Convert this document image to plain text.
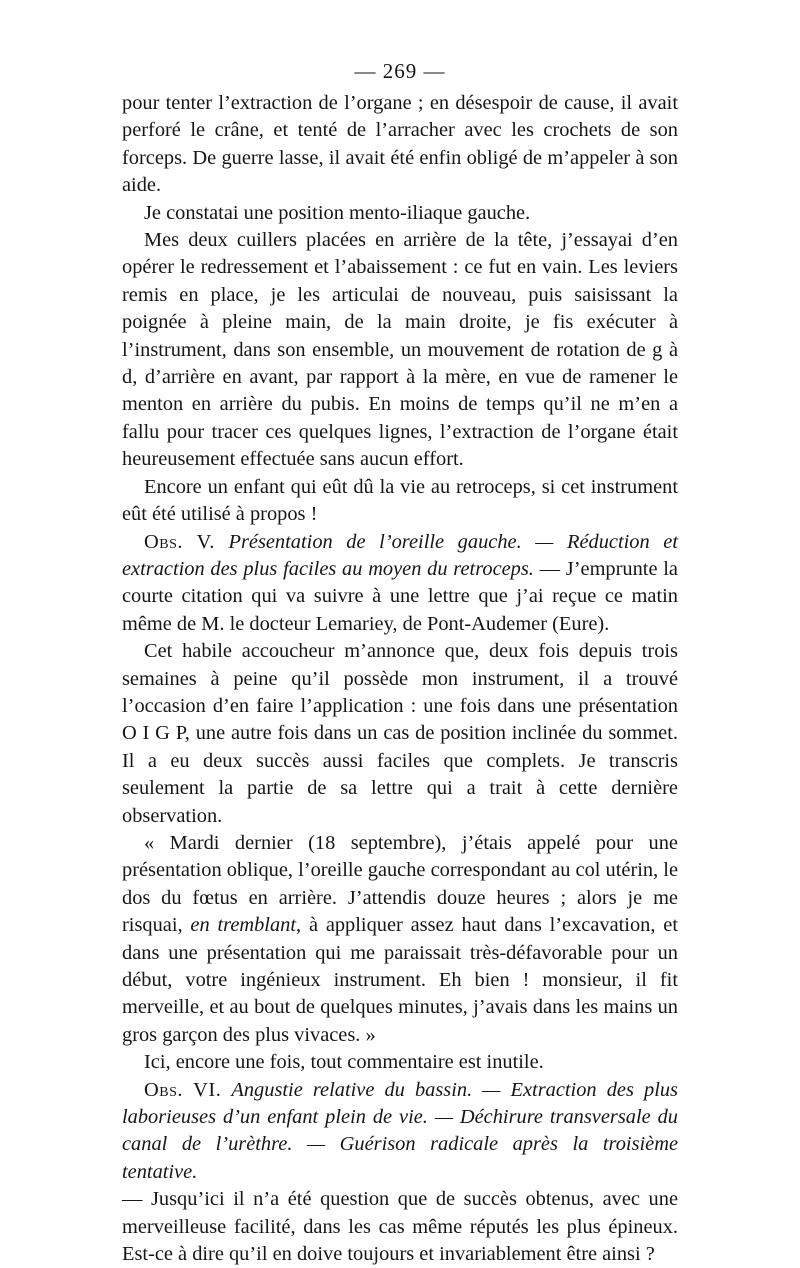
— 269 —

pour tenter l’extraction de l’organe ; en désespoir de cause, il avait perforé le crâne, et tenté de l’arracher avec les crochets de son forceps. De guerre lasse, il avait été enfin obligé de m’appeler à son aide.

Je constatai une position mento-iliaque gauche.

Mes deux cuillers placées en arrière de la tête, j’essayai d’en opérer le redressement et l’abaissement : ce fut en vain. Les leviers remis en place, je les articulai de nouveau, puis saisissant la poignée à pleine main, de la main droite, je fis exécuter à l’instrument, dans son ensemble, un mouvement de rotation de g à d, d’arrière en avant, par rapport à la mère, en vue de ramener le menton en arrière du pubis. En moins de temps qu’il ne m’en a fallu pour tracer ces quelques lignes, l’extraction de l’organe était heureusement effectuée sans aucun effort.

Encore un enfant qui eût dû la vie au retroceps, si cet instrument eût été utilisé à propos !

Obs. V. Présentation de l’oreille gauche. — Réduction et extraction des plus faciles au moyen du retroceps. — J’emprunte la courte citation qui va suivre à une lettre que j’ai reçue ce matin même de M. le docteur Lemariey, de Pont-Audemer (Eure).

Cet habile accoucheur m’annonce que, deux fois depuis trois semaines à peine qu’il possède mon instrument, il a trouvé l’occasion d’en faire l’application : une fois dans une présentation O I G P, une autre fois dans un cas de position inclinée du sommet. Il a eu deux succès aussi faciles que complets. Je transcris seulement la partie de sa lettre qui a trait à cette dernière observation.

« Mardi dernier (18 septembre), j’étais appelé pour une présentation oblique, l’oreille gauche correspondant au col utérin, le dos du fœtus en arrière. J’attendis douze heures ; alors je me risquai, en tremblant, à appliquer assez haut dans l’excavation, et dans une présentation qui me paraissait très-défavorable pour un début, votre ingénieux instrument. Eh bien ! monsieur, il fit merveille, et au bout de quelques minutes, j’avais dans les mains un gros garçon des plus vivaces. »

Ici, encore une fois, tout commentaire est inutile.

Obs. VI. Angustie relative du bassin. — Extraction des plus laborieuses d’un enfant plein de vie. — Déchirure transversale du canal de l’urèthre. — Guérison radicale après la troisième tentative.
— Jusqu’ici il n’a été question que de succès obtenus, avec une merveilleuse facilité, dans les cas même réputés les plus épineux. Est-ce à dire qu’il en doive toujours et invariablement être ainsi ?
